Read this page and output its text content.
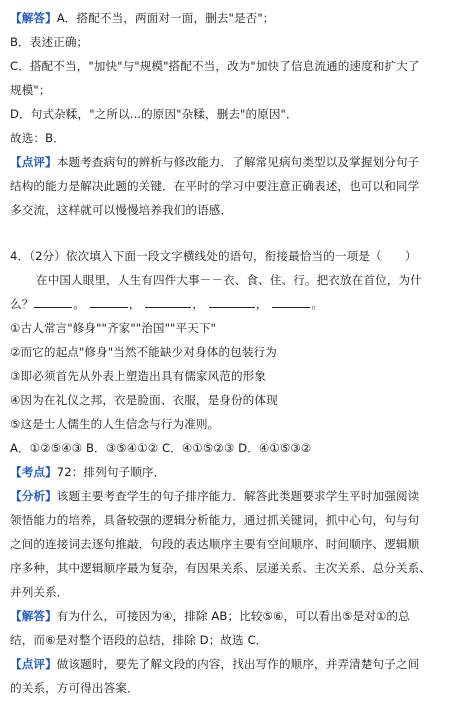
【解答】A．搭配不当，两面对一面，删去"是否"；
B．表述正确；
C．搭配不当，"加快"与"规模"搭配不当，改为"加快了信息流通的速度和扩大了
规模"；
D．句式杂糅，"之所以...的原因"杂糅，删去"的原因"．
故选：B．
【点评】本题考查病句的辨析与修改能力．了解常见病句类型以及掌握划分句子
结构的能力是解决此题的关键．在平时的学习中要注意正确表述，也可以和同学
多交流，这样就可以慢慢培养我们的语感．
4．（2分）依次填入下面一段文字横线处的语句，衔接最恰当的一项是（　　）
在中国人眼里，人生有四件大事－－衣、食、住、行。把衣放在首位，为什
么？	。	，	，	，	。
①古人常言"修身""齐家""治国""平天下"
②而它的起点"修身"当然不能缺少对身体的包装行为
③即必须首先从外表上塑造出具有儒家风范的形象
④因为在礼仪之邦，衣是脸面、衣服，是身份的体现
⑤这是士人儒生的人生信念与行为准则。
A．①②⑤④③ B．③⑤④①② C．④①⑤②③ D．④①⑤③②
【考点】72：排列句子顺序．
【分析】该题主要考查学生的句子排序能力．解答此类题要求学生平时加强阅读
领悟能力的培养，具备较强的逻辑分析能力，通过抓关键词，抓中心句，句与句
之间的连接词去逐句推敲．句段的表达顺序主要有空间顺序、时间顺序、逻辑顺
序多种，其中逻辑顺序最为复杂，有因果关系、层递关系、主次关系、总分关系、
并列关系．
【解答】有为什么，可接因为④，排除 AB；比较⑤⑥，可以看出⑤是对①的总
结，而⑥是对整个语段的总结，排除 D；故选 C．
【点评】做该题时，要先了解文段的内容，找出写作的顺序，并弄清楚句子之间
的关系，方可得出答案．
